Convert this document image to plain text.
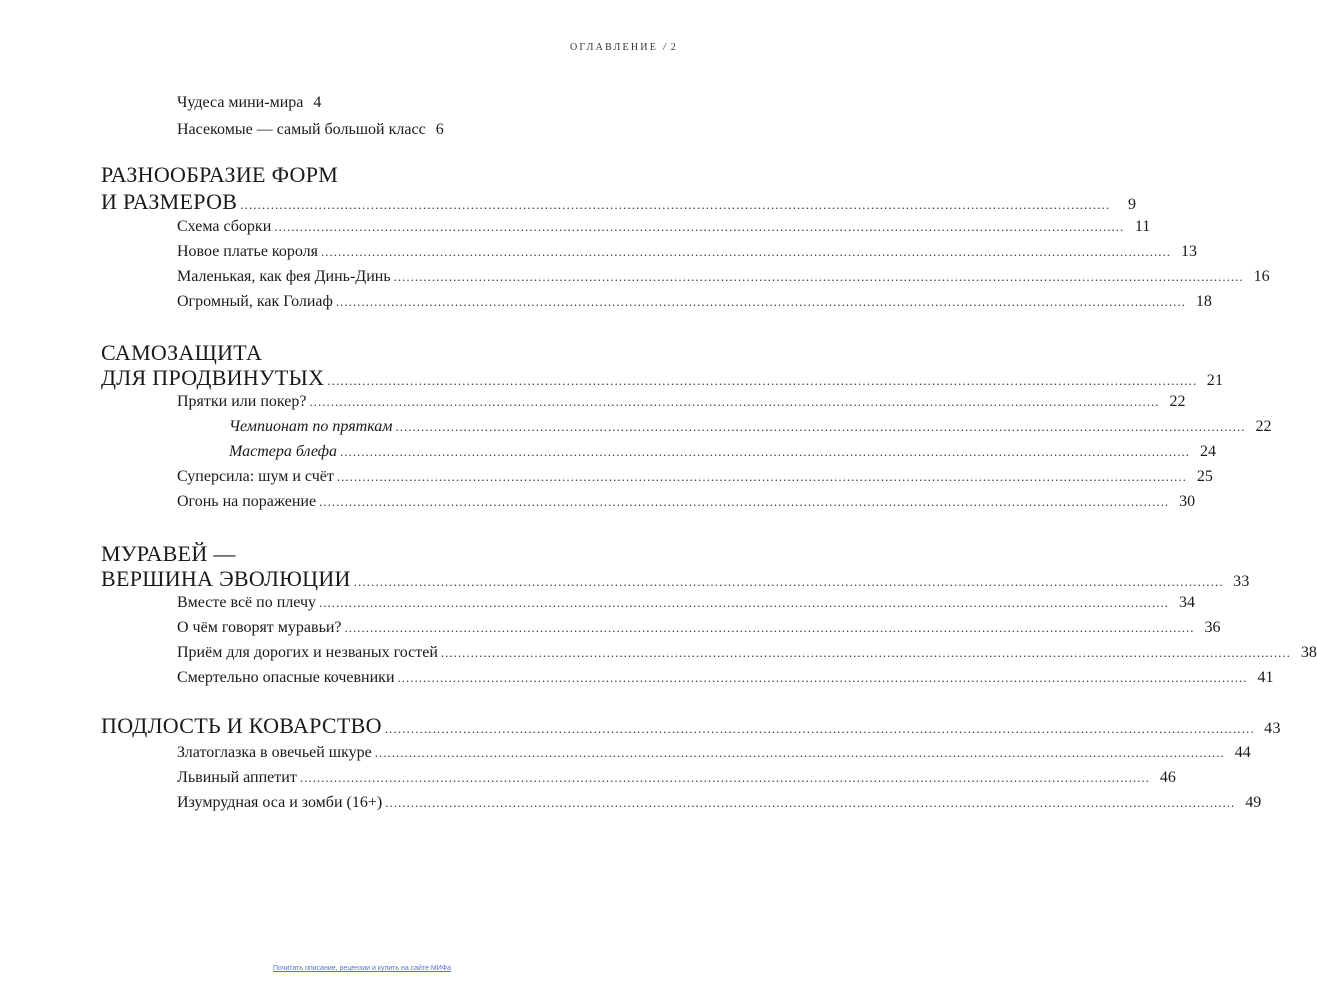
ОГЛАВЛЕНИЕ / 2
Чудеса мини-мира 4
Насекомые — самый большой класс 6
РАЗНООБРАЗИЕ ФОРМ
И РАЗМЕРОВ ........................................................................................................................................................................................................	9
Схема сборки ........................................................................................................................................................................................................ 11
Новое платье короля ........................................................................................................................................................................................................ 13
Маленькая, как фея Динь-Динь ........................................................................................................................................................................................................ 16
Огромный, как Голиаф ........................................................................................................................................................................................................ 18
САМОЗАЩИТА
ДЛЯ ПРОДВИНУТЫХ ........................................................................................................................................................................................................ 21
Прятки или покер? ........................................................................................................................................................................................................ 22
Чемпионат по пряткам ........................................................................................................................................................................................................ 22
Мастера блефа ........................................................................................................................................................................................................ 24
Суперсила: шум и счёт ........................................................................................................................................................................................................ 25
Огонь на поражение ........................................................................................................................................................................................................ 30
МУРАВЕЙ —
ВЕРШИНА ЭВОЛЮЦИИ ........................................................................................................................................................................................................ 33
Вместе всё по плечу ........................................................................................................................................................................................................ 34
О чём говорят муравьи? ........................................................................................................................................................................................................ 36
Приём для дорогих и незваных гостей ........................................................................................................................................................................................................ 38
Смертельно опасные кочевники ........................................................................................................................................................................................................ 41
ПОДЛОСТЬ И КОВАРСТВО ........................................................................................................................................................................................................ 43
Златоглазка в овечьей шкуре ........................................................................................................................................................................................................ 44
Львиный аппетит ........................................................................................................................................................................................................ 46
Изумрудная оса и зомби (16+) ........................................................................................................................................................................................................ 49
Почитать описание, рецензии и купить на сайте МИФа
